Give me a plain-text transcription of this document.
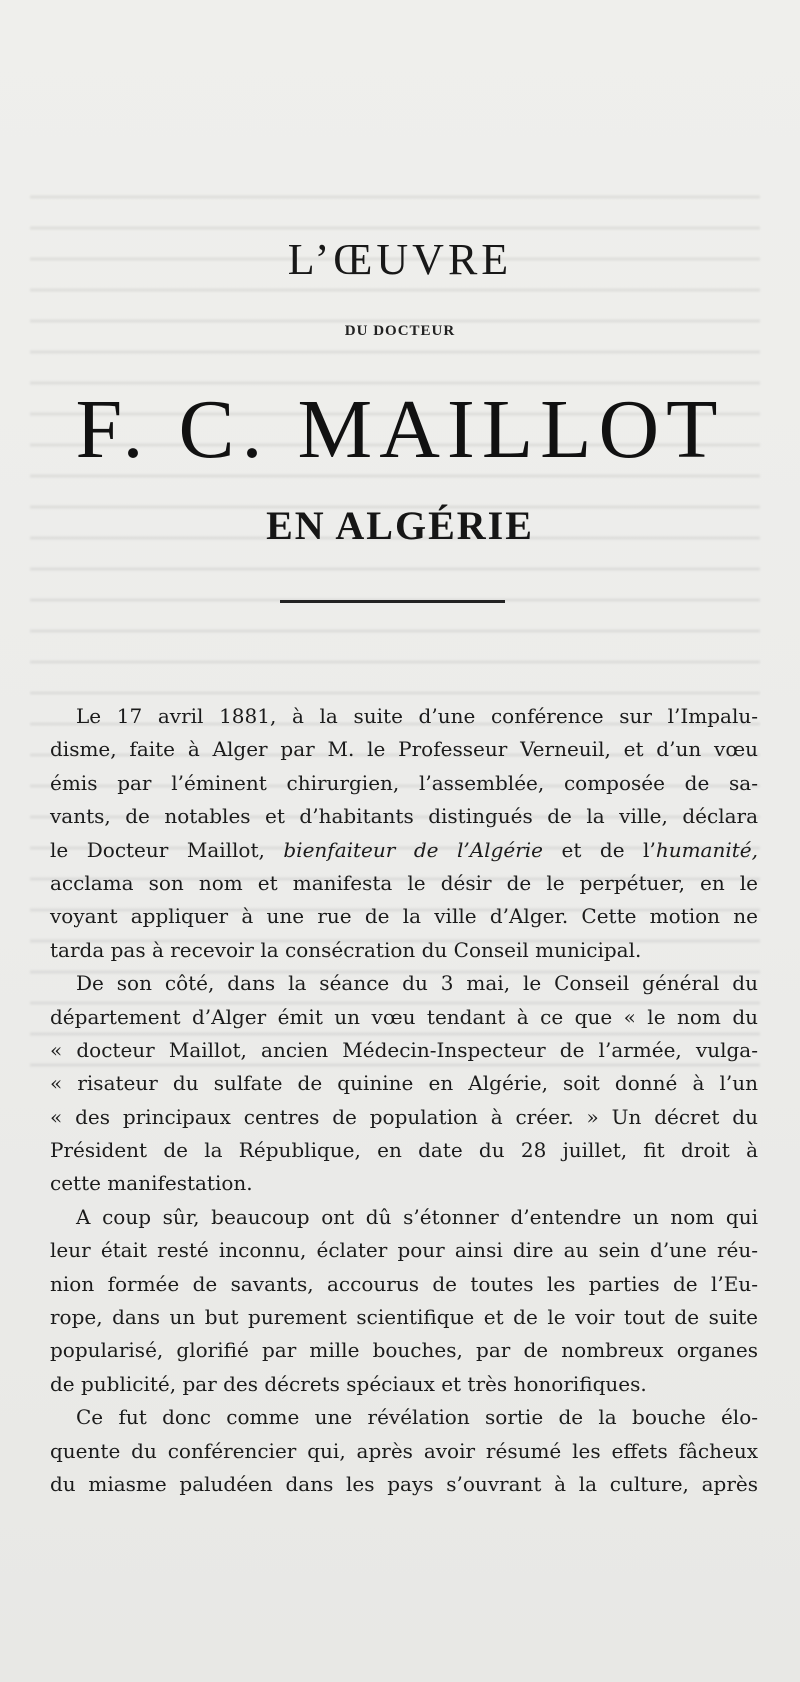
L’ŒUVRE
DU DOCTEUR
F. C. MAILLOT
EN ALGÉRIE
Le 17 avril 1881, à la suite d’une conférence sur l’Impalu-
disme, faite à Alger par M. le Professeur Verneuil, et d’un vœu
émis par l’éminent chirurgien, l’assemblée, composée de sa-
vants, de notables et d’habitants distingués de la ville, déclara
le Docteur Maillot, bienfaiteur de l’Algérie et de l’humanité,
acclama son nom et manifesta le désir de le perpétuer, en le
voyant appliquer à une rue de la ville d’Alger. Cette motion ne
tarda pas à recevoir la consécration du Conseil municipal.
De son côté, dans la séance du 3 mai, le Conseil général du
département d’Alger émit un vœu tendant à ce que « le nom du
« docteur Maillot, ancien Médecin-Inspecteur de l’armée, vulga-
« risateur du sulfate de quinine en Algérie, soit donné à l’un
« des principaux centres de population à créer. » Un décret du
Président de la République, en date du 28 juillet, fit droit à
cette manifestation.
A coup sûr, beaucoup ont dû s’étonner d’entendre un nom qui
leur était resté inconnu, éclater pour ainsi dire au sein d’une réu-
nion formée de savants, accourus de toutes les parties de l’Eu-
rope, dans un but purement scientifique et de le voir tout de suite
popularisé, glorifié par mille bouches, par de nombreux organes
de publicité, par des décrets spéciaux et très honorifiques.
Ce fut donc comme une révélation sortie de la bouche élo-
quente du conférencier qui, après avoir résumé les effets fâcheux
du miasme paludéen dans les pays s’ouvrant à la culture, après
